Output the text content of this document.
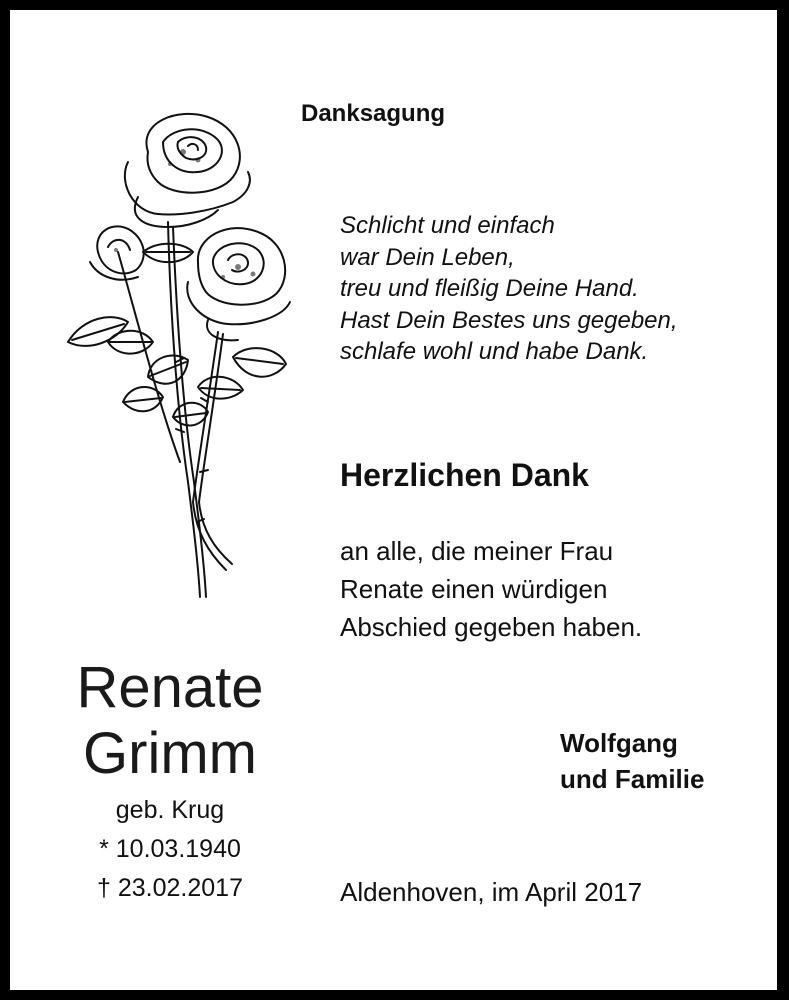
Danksagung
Schlicht und einfach
war Dein Leben,
treu und fleißig Deine Hand.
Hast Dein Bestes uns gegeben,
schlafe wohl und habe Dank.
Herzlichen Dank
an alle, die meiner Frau
Renate einen würdigen
Abschied gegeben haben.
Wolfgang
und Familie
Renate
Grimm
geb. Krug
* 10.03.1940
† 23.02.2017	Aldenhoven, im April 2017
